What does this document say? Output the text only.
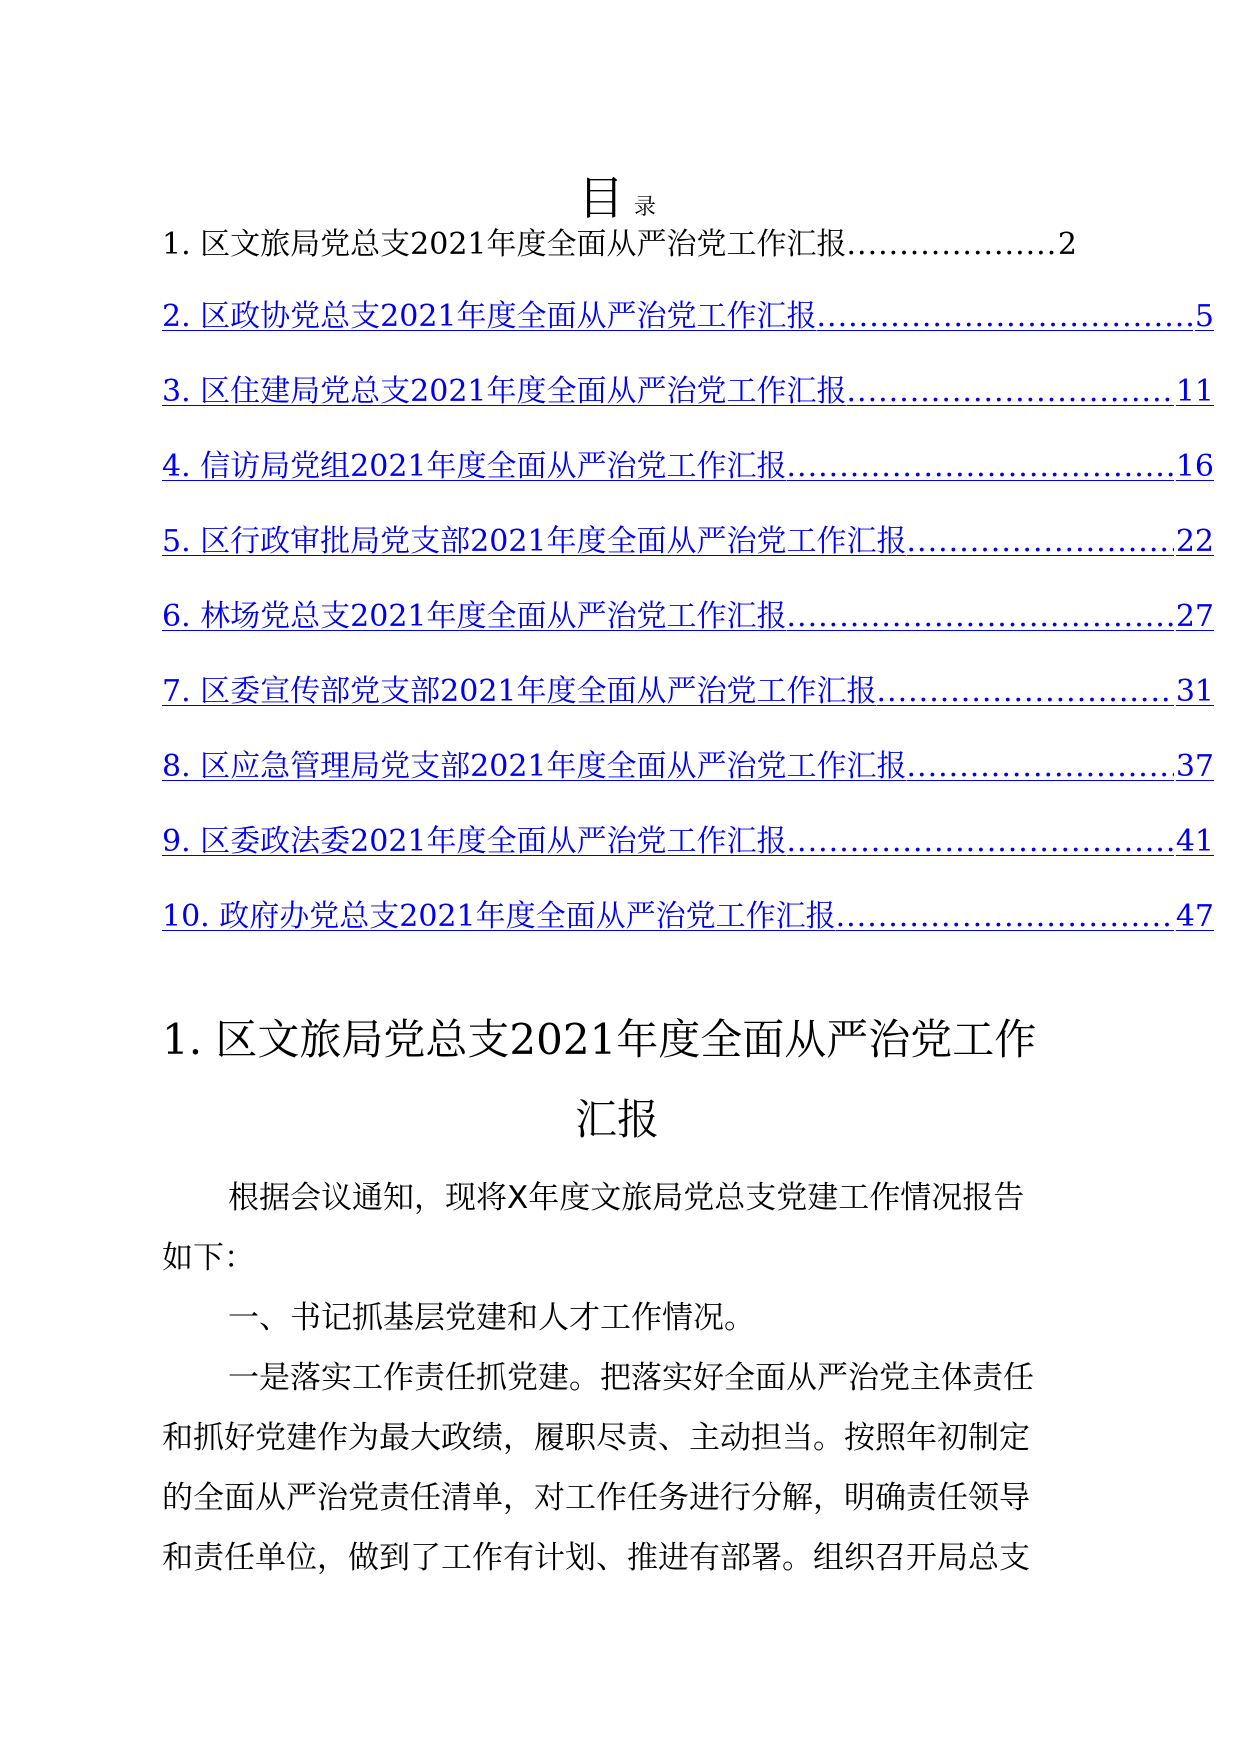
目录
1. 区文旅局党总支2021年度全面从严治党工作汇报 .....	2
2. 区政协党总支2021年度全面从严治党工作汇报 .....	5
3. 区住建局党总支2021年度全面从严治党工作汇报 .....	11
4. 信访局党组2021年度全面从严治党工作汇报 .....	16
5. 区行政审批局党支部2021年度全面从严治党工作汇报 .....	22
6. 林场党总支2021年度全面从严治党工作汇报 .....	27
7. 区委宣传部党支部2021年度全面从严治党工作汇报 .....	31
8. 区应急管理局党支部2021年度全面从严治党工作汇报 .....	37
9. 区委政法委2021年度全面从严治党工作汇报 .....	41
10. 政府办党总支2021年度全面从严治党工作汇报 .....	47
1. 区文旅局党总支2021年度全面从严治党工作
汇报

根据会议通知，现将X年度文旅局党总支党建工作情况报告
如下：

一、书记抓基层党建和人才工作情况。

一是落实工作责任抓党建。把落实好全面从严治党主体责任
和抓好党建作为最大政绩，履职尽责、主动担当。按照年初制定
的全面从严治党责任清单，对工作任务进行分解，明确责任领导
和责任单位，做到了工作有计划、推进有部署。组织召开局总支
